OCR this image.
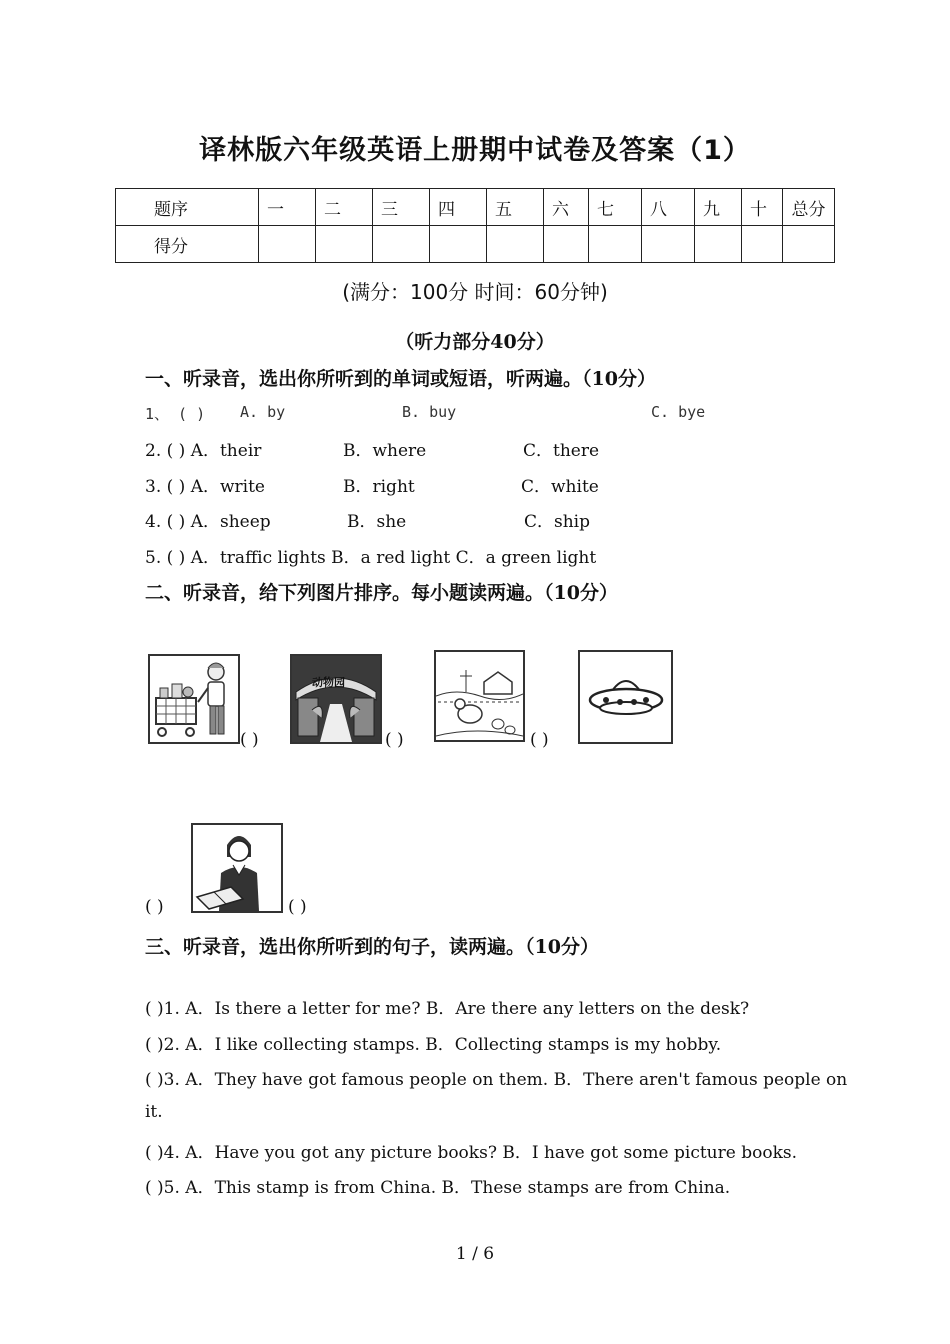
译林版六年级英语上册期中试卷及答案（1）
题序	一	二	三	四	五	六	七	八	九	十	总分
得分											
(满分：100分 时间：60分钟)
（听力部分40分）
一、听录音，选出你所听到的单词或短语，听两遍。（10分）
1、 ( ) A. by	B. buy	C. bye
2. ( ) A．their	B．where	C．there
3. ( ) A．write	B．right	C．white
4. ( ) A．sheep	B．she	C．ship
5. ( ) A．traffic lights B．a red light C．a green light
二、听录音，给下列图片排序。每小题读两遍。（10分）
( )
动物园
( )	( )
( )	( )
三、听录音，选出你所听到的句子，读两遍。（10分）
( )1. A．Is there a letter for me? B．Are there any letters on the desk?
( )2. A．I like collecting stamps. B．Collecting stamps is my hobby.
( )3. A．They have got famous people on them. B．There aren't famous people on
it.
( )4. A．Have you got any picture books? B．I have got some picture books.
( )5. A．This stamp is from China. B．These stamps are from China.
1 / 6
